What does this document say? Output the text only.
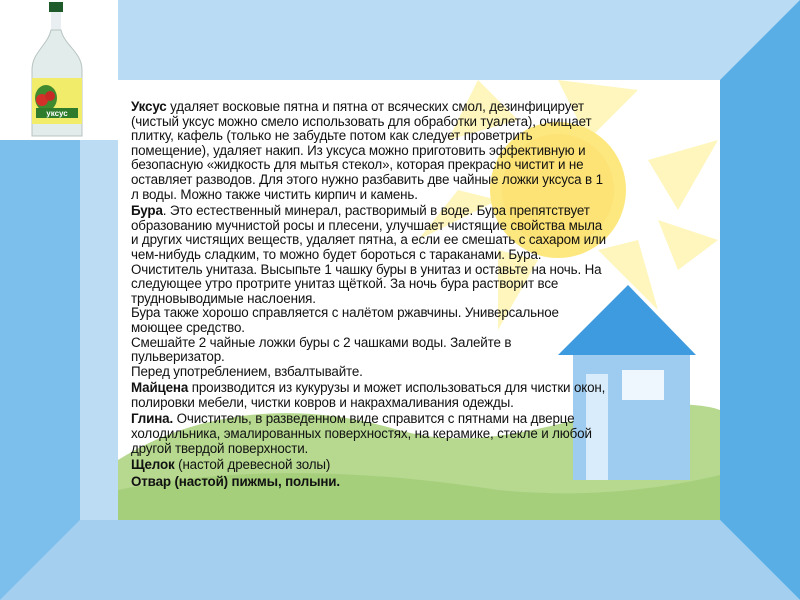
уксус	Уксус удаляет восковые пятна и пятна от всяческих смол, дезинфицирует
(чистый уксус можно смело использовать для обработки туалета), очищает
плитку, кафель (только не забудьте потом как следует проветрить
помещение), удаляет накип. Из уксуса можно приготовить эффективную и
безопасную «жидкость для мытья стекол», которая прекрасно чистит и не
оставляет разводов. Для этого нужно разбавить две чайные ложки уксуса в 1
л воды. Можно также чистить кирпич и камень.

• Бура. Это естественный минерал, растворимый в воде. Бура препятствует
образованию мучнистой росы и плесени, улучшает чистящие свойства мыла
и других чистящих веществ, удаляет пятна, а если ее смешать с сахаром или
чем-нибудь сладким, то можно будет бороться с тараканами. Бура.
Очиститель унитаза. Высыпьте 1 чашку буры в унитаз и оставьте на ночь. На
следующее утро протрите унитаз щёткой. За ночь бура растворит все
трудновыводимые наслоения.
Бура также хорошо справляется с налётом ржавчины. Универсальное
моющее средство.
Смешайте 2 чайные ложки буры с 2 чашками воды. Залейте в
пульверизатор.
Перед употреблением, взбалтывайте.
• Майцена производится из кукурузы и может использоваться для чистки окон,
полировки мебели, чистки ковров и накрахмаливания одежды.
• Глина. Очиститель, в разведенном виде справится с пятнами на дверце
холодильника, эмалированных поверхностях, на керамике, стекле и любой
другой твердой поверхности.
• Щелок (настой древесной золы)
• Отвар (настой) пижмы, полыни.
